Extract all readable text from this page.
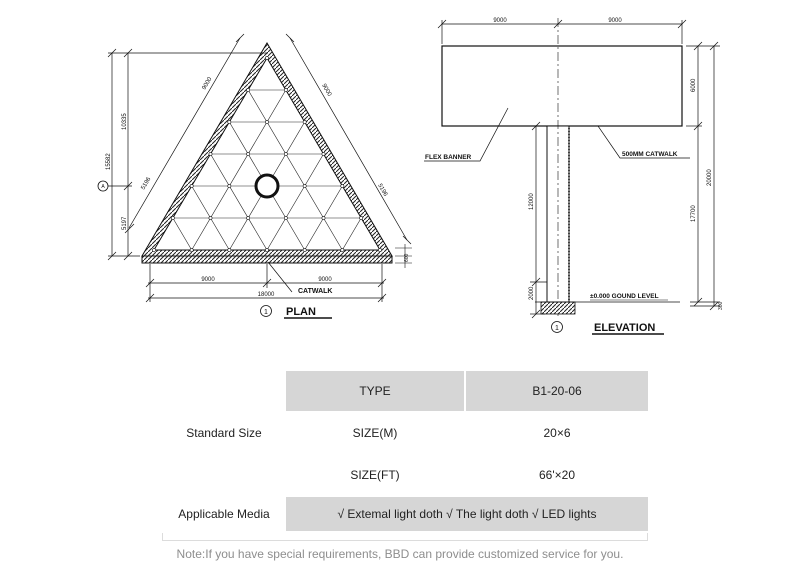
9000	9000
5196	5196
600
15582
10335
5197
A
9000	9000
18000	CATWALK
1 PLAN
9000	9000
6000
17700
20000
300
12000
2000
FLEX BANNER	500MM CATWALK
±0.000 GOUND LEVEL
1	ELEVATION
Standard Size	TYPE	B1-20-06
	SIZE(M)	20×6
	SIZE(FT)	66'×20
Applicable Media	√ Extemal light doth √ The light doth √ LED lights	
Note:If you have special requirements, BBD can provide customized service for you.
